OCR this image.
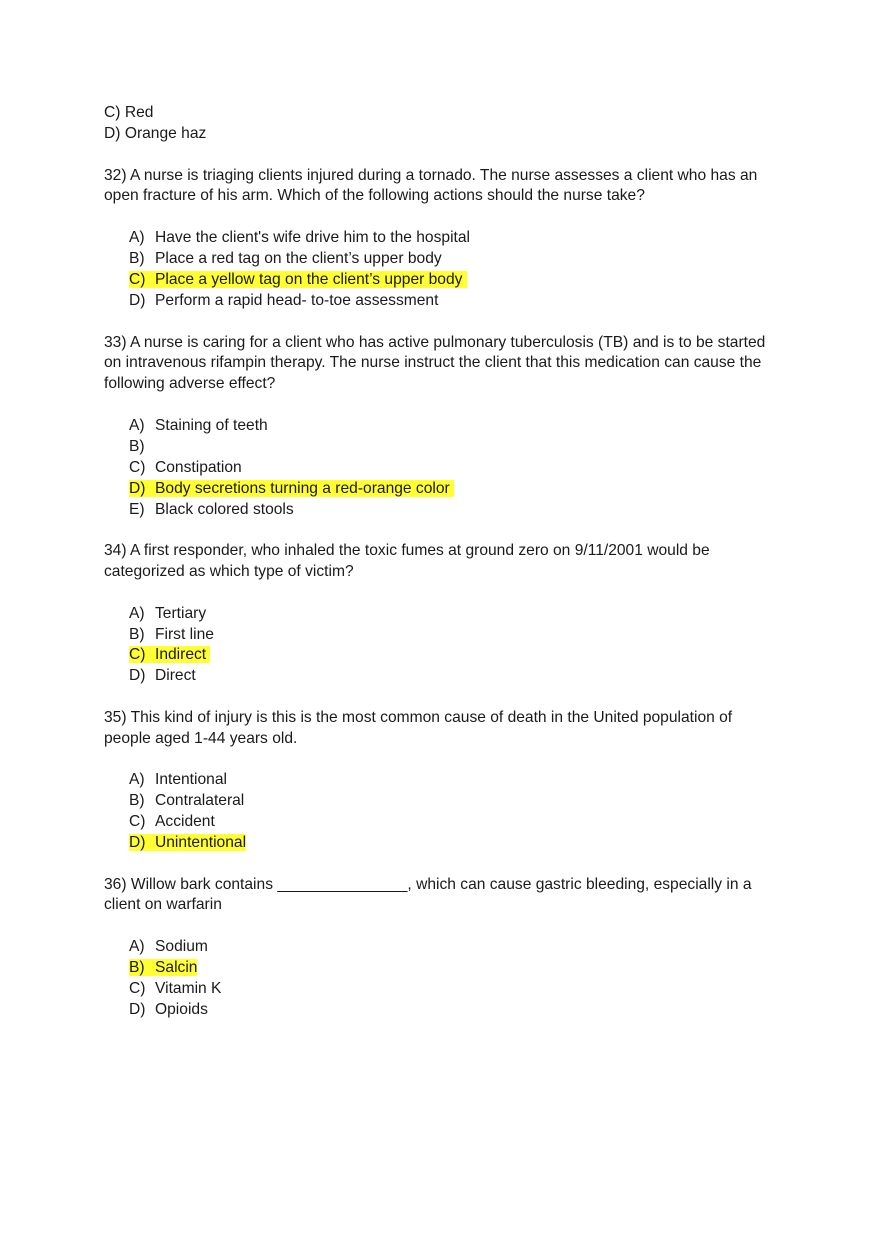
C) Red
D) Orange haz
32) A nurse is triaging clients injured during a tornado. The nurse assesses a client who has an
open fracture of his arm. Which of the following actions should the nurse take?
A) Have the client's wife drive him to the hospital
B) Place a red tag on the client’s upper body
C) Place a yellow tag on the client’s upper body
D) Perform a rapid head- to-toe assessment
33) A nurse is caring for a client who has active pulmonary tuberculosis (TB) and is to be started
on intravenous rifampin therapy. The nurse instruct the client that this medication can cause the
following adverse effect?
A) Staining of teeth
B)
C) Constipation
D) Body secretions turning a red-orange color
E) Black colored stools
34) A first responder, who inhaled the toxic fumes at ground zero on 9/11/2001 would be
categorized as which type of victim?
A) Tertiary
B) First line
C) Indirect
D) Direct
35) This kind of injury is this is the most common cause of death in the United population of
people aged 1-44 years old.
A) Intentional
B) Contralateral
C) Accident
D) Unintentional
36) Willow bark contains _______________, which can cause gastric bleeding, especially in a
client on warfarin
A) Sodium
B) Salcin
C) Vitamin K
D) Opioids
